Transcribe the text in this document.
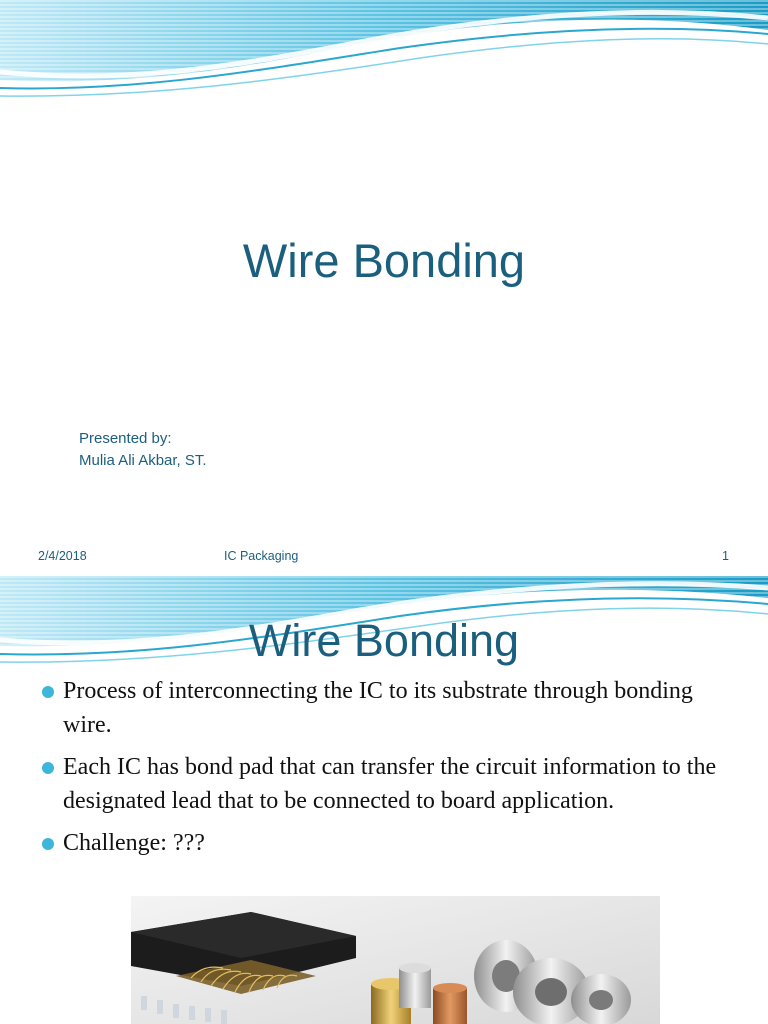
Wire Bonding
Presented by:
Mulia Ali Akbar, ST.
2/4/2018	IC Packaging	1
Wire Bonding
Process of interconnecting the IC to its substrate through bonding wire.
Each IC has bond pad that can transfer the circuit information to the designated lead that to be connected to board application.
Challenge: ???
